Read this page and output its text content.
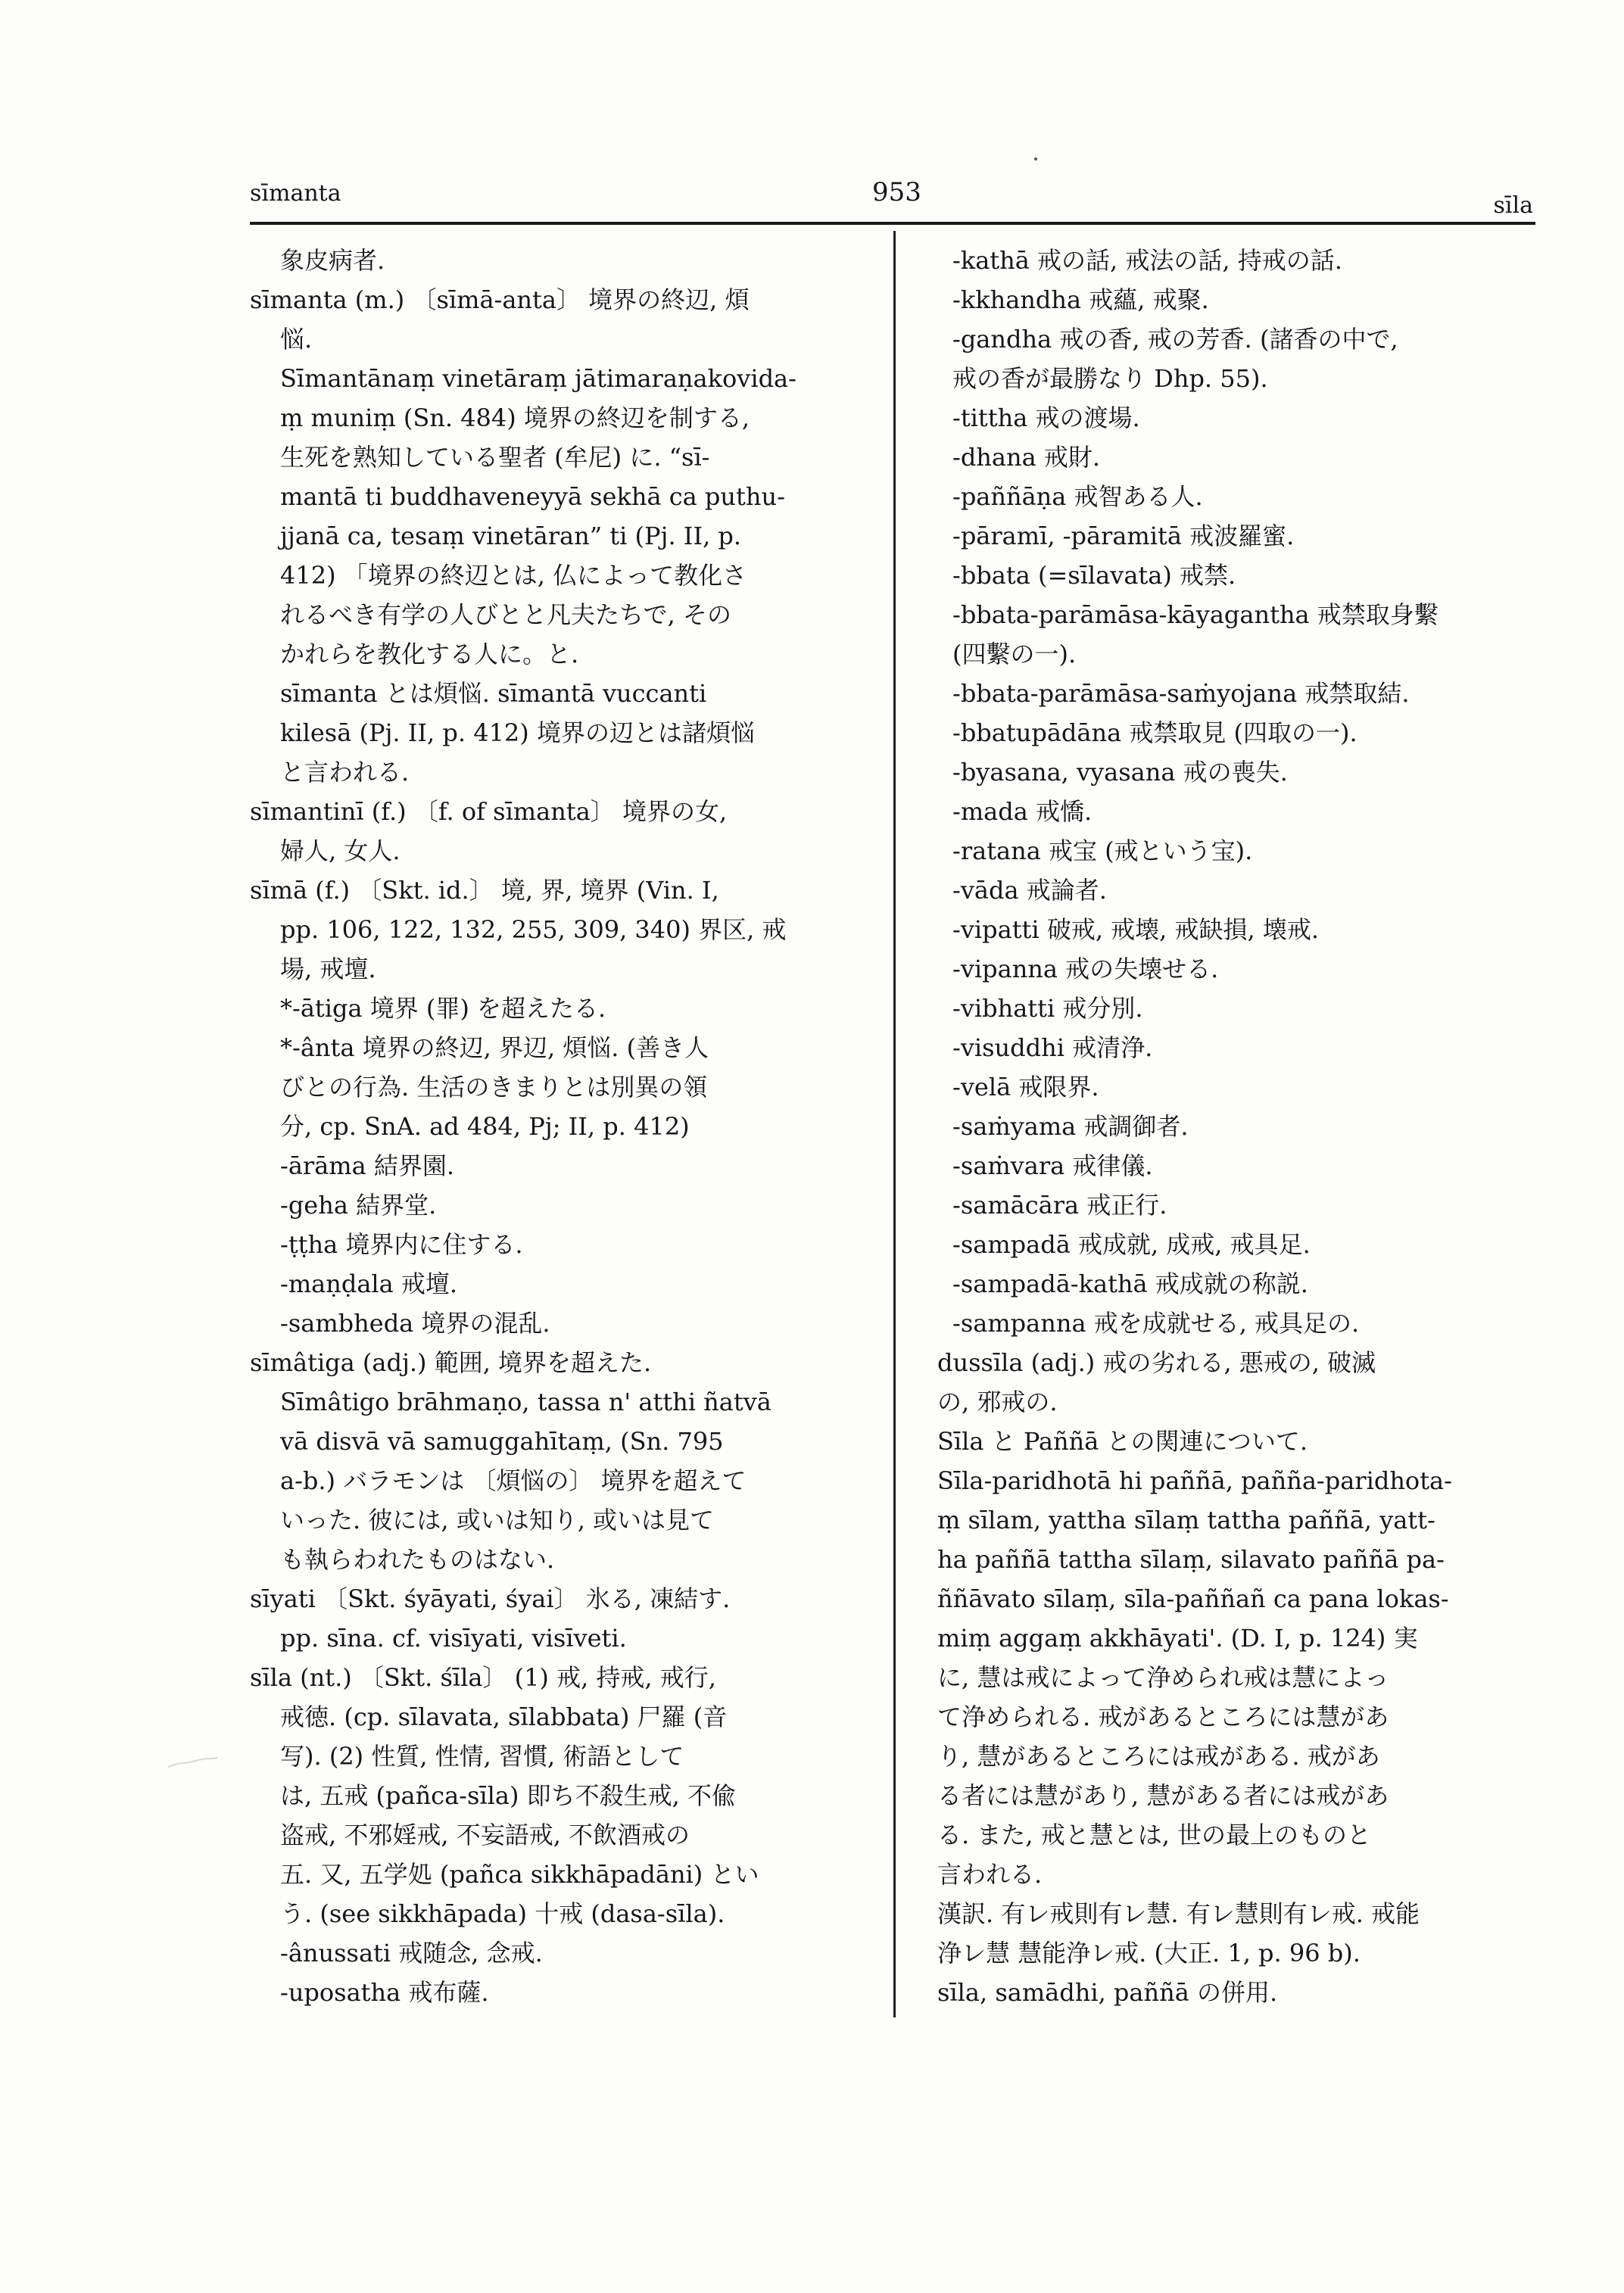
sīmanta	953	sīla
象皮病者.
sīmanta (m.) 〔sīmā-anta〕 境界の終辺, 煩
悩.
Sīmantānaṃ vinetāraṃ jātimaraṇakovida-
ṃ muniṃ (Sn. 484) 境界の終辺を制する,
生死を熟知している聖者 (牟尼) に. “sī-
mantā ti buddhaveneyyā sekhā ca puthu-
jjanā ca, tesaṃ vinetāran” ti (Pj. II, p.
412) 「境界の終辺とは, 仏によって教化さ
れるべき有学の人びとと凡夫たちで, その
かれらを教化する人に。と.
sīmanta とは煩悩. sīmantā vuccanti
kilesā (Pj. II, p. 412) 境界の辺とは諸煩悩
と言われる.
sīmantinī (f.) 〔f. of sīmanta〕 境界の女,
婦人, 女人.
sīmā (f.) 〔Skt. id.〕 境, 界, 境界 (Vin. I,
pp. 106, 122, 132, 255, 309, 340) 界区, 戒
場, 戒壇.
*-ātiga 境界 (罪) を超えたる.
*-ânta 境界の終辺, 界辺, 煩悩. (善き人
びとの行為. 生活のきまりとは別異の領
分, cp. SnA. ad 484, Pj; II, p. 412)
-ārāma 結界園.
-geha 結界堂.
-ṭṭha 境界内に住する.
-maṇḍala 戒壇.
-sambheda 境界の混乱.
sīmâtiga (adj.) 範囲, 境界を超えた.
Sīmâtigo brāhmaṇo, tassa n' atthi ñatvā
vā disvā vā samuggahītaṃ, (Sn. 795
a-b.) バラモンは 〔煩悩の〕 境界を超えて
いった. 彼には, 或いは知り, 或いは見て
も執らわれたものはない.
sīyati 〔Skt. śyāyati, śyai〕 氷る, 凍結す.
pp. sīna. cf. visīyati, visīveti.
sīla (nt.) 〔Skt. śīla〕 (1) 戒, 持戒, 戒行,
戒徳. (cp. sīlavata, sīlabbata) 尸羅 (音
写). (2) 性質, 性情, 習慣, 術語として
は, 五戒 (pañca-sīla) 即ち不殺生戒, 不偸
盗戒, 不邪婬戒, 不妄語戒, 不飲酒戒の
五. 又, 五学処 (pañca sikkhāpadāni) とい
う. (see sikkhāpada) 十戒 (dasa-sīla).
-ânussati 戒随念, 念戒.
-uposatha 戒布薩.
-kathā 戒の話, 戒法の話, 持戒の話.
-kkhandha 戒蘊, 戒聚.
-gandha 戒の香, 戒の芳香. (諸香の中で,
戒の香が最勝なり Dhp. 55).
-tittha 戒の渡場.
-dhana 戒財.
-paññāṇa 戒智ある人.
-pāramī, -pāramitā 戒波羅蜜.
-bbata (=sīlavata) 戒禁.
-bbata-parāmāsa-kāyagantha 戒禁取身繫
(四繫の一).
-bbata-parāmāsa-saṁyojana 戒禁取結.
-bbatupādāna 戒禁取見 (四取の一).
-byasana, vyasana 戒の喪失.
-mada 戒憍.
-ratana 戒宝 (戒という宝).
-vāda 戒論者.
-vipatti 破戒, 戒壊, 戒缺損, 壊戒.
-vipanna 戒の失壊せる.
-vibhatti 戒分別.
-visuddhi 戒清浄.
-velā 戒限界.
-saṁyama 戒調御者.
-saṁvara 戒律儀.
-samācāra 戒正行.
-sampadā 戒成就, 成戒, 戒具足.
-sampadā-kathā 戒成就の称説.
-sampanna 戒を成就せる, 戒具足の.
dussīla (adj.) 戒の劣れる, 悪戒の, 破滅
の, 邪戒の.
Sīla と Paññā との関連について.
Sīla-paridhotā hi paññā, pañña-paridhota-
ṃ sīlam, yattha sīlaṃ tattha paññā, yatt-
ha paññā tattha sīlaṃ, silavato paññā pa-
ññāvato sīlaṃ, sīla-paññañ ca pana lokas-
miṃ aggaṃ akkhāyati'. (D. I, p. 124) 実
に, 慧は戒によって浄められ戒は慧によっ
て浄められる. 戒があるところには慧があ
り, 慧があるところには戒がある. 戒があ
る者には慧があり, 慧がある者には戒があ
る. また, 戒と慧とは, 世の最上のものと
言われる.
漢訳. 有レ戒則有レ慧. 有レ慧則有レ戒. 戒能
浄レ慧 慧能浄レ戒. (大正. 1, p. 96 b).
sīla, samādhi, paññā の併用.
